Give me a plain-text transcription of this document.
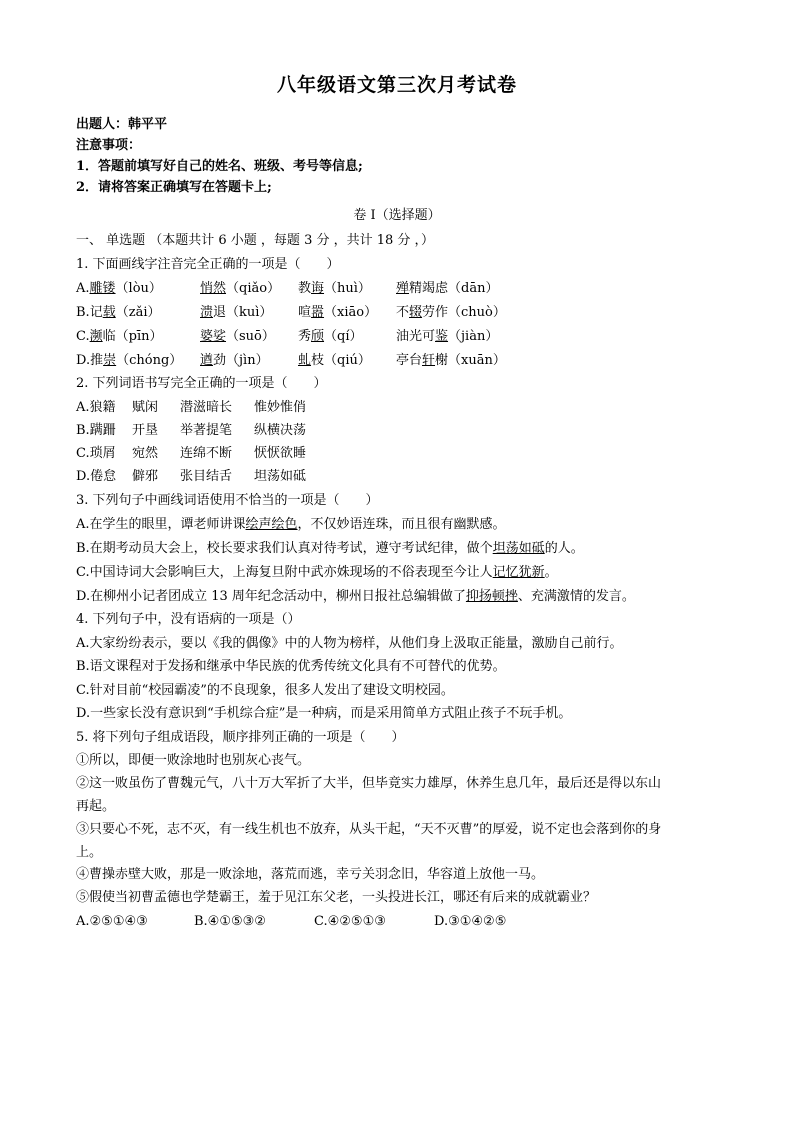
八年级语文第三次月考试卷
出题人：韩平平
注意事项：
1．答题前填写好自己的姓名、班级、考号等信息;
2．请将答案正确填写在答题卡上;
卷 I（选择题）
一、 单选题 （本题共计 6 小题 ，每题 3 分 ，共计 18 分 ，）
1. 下面画线字注音完全正确的一项是（　　）
A.雕镂（lòu）	悄然（qiǎo） 教诲（huì） 殚精竭虑（dān）
B.记载（zǎi）	溃退（kuì） 喧嚣（xiāo） 不辍劳作（chuò）
C.濒临（pīn）	婆娑（suō） 秀颀（qí）	油光可鉴（jiàn）
D.推崇（chóng） 遒劲（jìn） 虬枝（qiú） 亭台轩榭（xuān）
2. 下列词语书写完全正确的一项是（　　）
A.狼籍 赋闲 潜滋暗长 惟妙惟俏
B.蹒跚 开垦 举著提笔 纵横决荡
C.琐屑 宛然 连绵不断 恹恹欲睡
D.倦怠 僻邪 张目结舌 坦荡如砥
3. 下列句子中画线词语使用不恰当的一项是（　　）
A.在学生的眼里，谭老师讲课绘声绘色，不仅妙语连珠，而且很有幽默感。
B.在期考动员大会上，校长要求我们认真对待考试，遵守考试纪律，做个坦荡如砥的人。
C.中国诗词大会影响巨大，上海复旦附中武亦姝现场的不俗表现至今让人记忆犹新。
D.在柳州小记者团成立 13 周年纪念活动中，柳州日报社总编辑做了抑扬顿挫、充满激情的发言。
4. 下列句子中，没有语病的一项是（）
A.大家纷纷表示，要以《我的偶像》中的人物为榜样，从他们身上汲取正能量，激励自己前行。
B.语文课程对于发扬和继承中华民族的优秀传统文化具有不可替代的优势。
C.针对目前“校园霸凌”的不良现象，很多人发出了建设文明校园。
D.一些家长没有意识到“手机综合症”是一种病，而是采用简单方式阻止孩子不玩手机。
5. 将下列句子组成语段，顺序排列正确的一项是（　　）
①所以，即便一败涂地时也别灰心丧气。
②这一败虽伤了曹魏元气，八十万大军折了大半，但毕竟实力雄厚，休养生息几年，最后还是得以东山
再起。
③只要心不死，志不灭，有一线生机也不放弃，从头干起，“天不灭曹”的厚爱，说不定也会落到你的身
上。
④曹操赤壁大败，那是一败涂地，落荒而逃，幸亏关羽念旧，华容道上放他一马。
⑤假使当初曹孟德也学楚霸王，羞于见江东父老，一头投进长江，哪还有后来的成就霸业？
A.②⑤①④③	B.④①⑤③②	C.④②⑤①③	D.③①④②⑤
